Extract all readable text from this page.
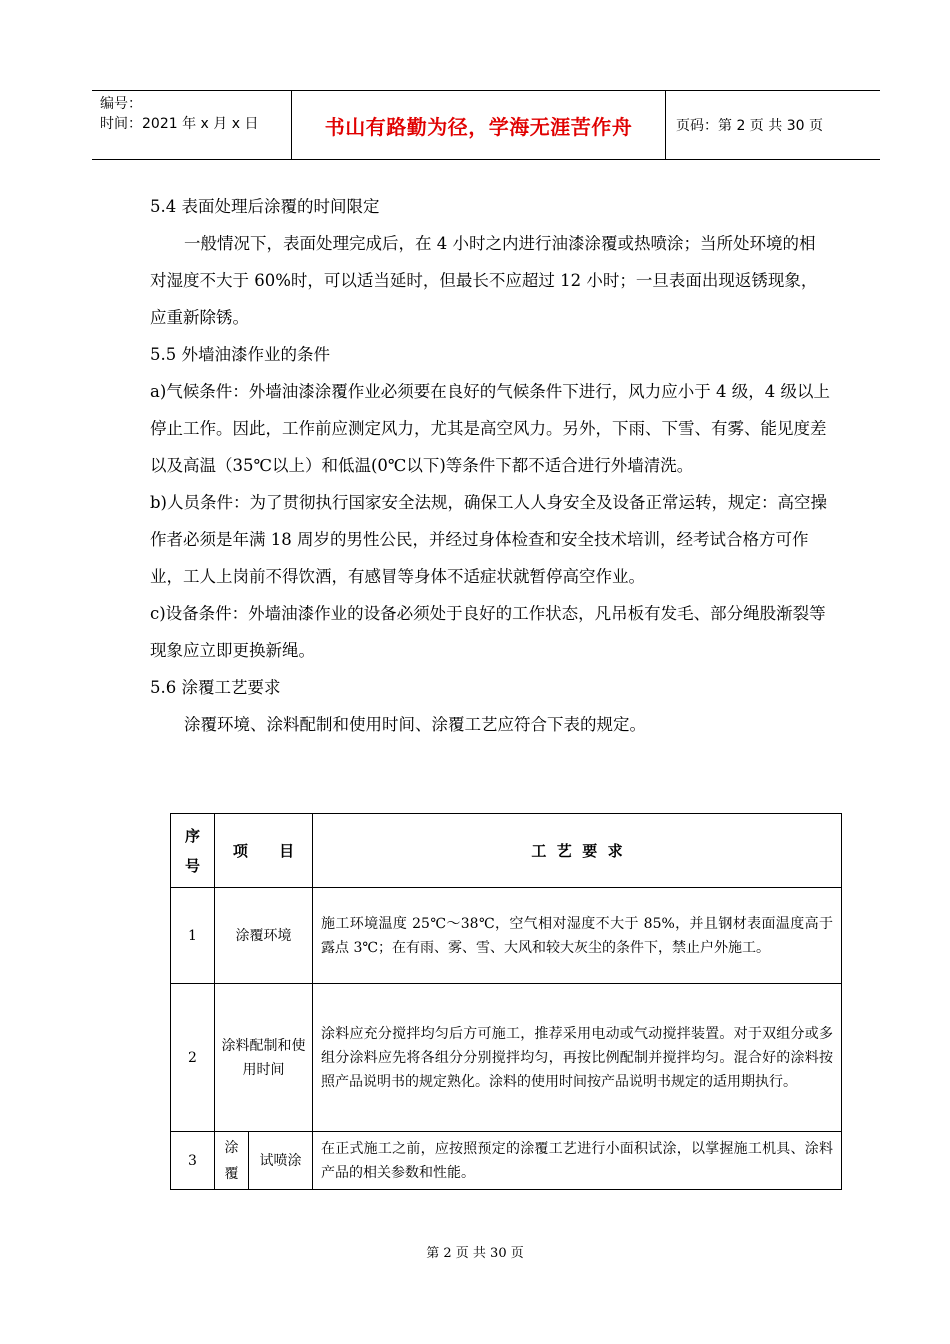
编号：
时间：2021 年 x 月 x 日	书山有路勤为径，学海无涯苦作舟	页码：第 2 页 共 30 页

5.4 表面处理后涂覆的时间限定

一般情况下，表面处理完成后，在 4 小时之内进行油漆涂覆或热喷涂；当所处环境的相对湿度不大于 60%时，可以适当延时，但最长不应超过 12 小时；一旦表面出现返锈现象，应重新除锈。

5.5 外墙油漆作业的条件

a)气候条件：外墙油漆涂覆作业必须要在良好的气候条件下进行，风力应小于 4 级，4 级以上停止工作。因此，工作前应测定风力，尤其是高空风力。另外，下雨、下雪、有雾、能见度差以及高温（35℃以上）和低温(0℃以下)等条件下都不适合进行外墙清洗。

b)人员条件：为了贯彻执行国家安全法规，确保工人人身安全及设备正常运转，规定：高空操作者必须是年满 18 周岁的男性公民，并经过身体检查和安全技术培训，经考试合格方可作业，工人上岗前不得饮酒，有感冒等身体不适症状就暂停高空作业。

c)设备条件：外墙油漆作业的设备必须处于良好的工作状态，凡吊板有发毛、部分绳股渐裂等现象应立即更换新绳。

5.6 涂覆工艺要求

涂覆环境、涂料配制和使用时间、涂覆工艺应符合下表的规定。

序
号	项      目		工  艺  要  求
1	涂覆环境		施工环境温度 25℃～38℃，空气相对湿度不大于 85%，并且钢材表面温度高于露点 3℃；在有雨、雾、雪、大风和较大灰尘的条件下，禁止户外施工。
2	涂料配制和使用时间		涂料应充分搅拌均匀后方可施工，推荐采用电动或气动搅拌装置。对于双组分或多组分涂料应先将各组分分别搅拌均匀，再按比例配制并搅拌均匀。混合好的涂料按照产品说明书的规定熟化。涂料的使用时间按产品说明书规定的适用期执行。
3	涂覆	试喷涂	在正式施工之前，应按照预定的涂覆工艺进行小面积试涂，以掌握施工机具、涂料产品的相关参数和性能。
第 2 页 共 30 页
